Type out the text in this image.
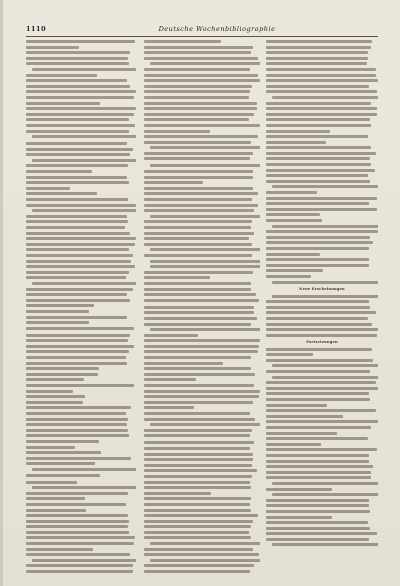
1110	Deutsche Wochenbibliographie
Neue Erscheinungen
Fortsetzungen
